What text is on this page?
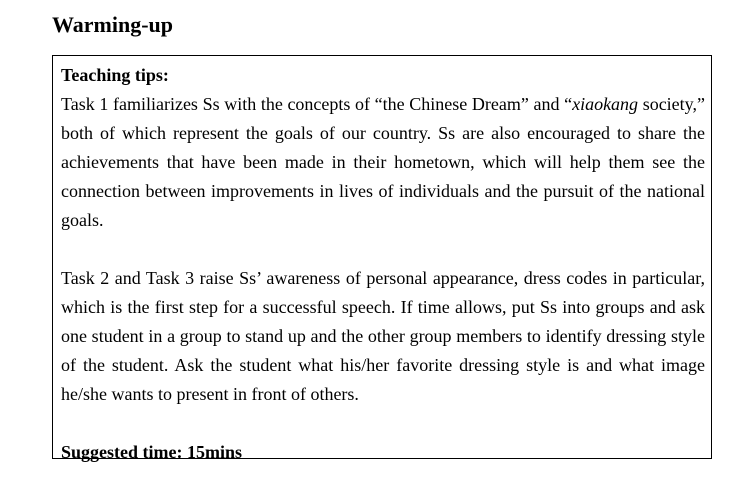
Warming-up

Teaching tips:

Task 1 familiarizes Ss with the concepts of “the Chinese Dream” and “xiaokang society,” both of which represent the goals of our country. Ss are also encouraged to share the achievements that have been made in their hometown, which will help them see the connection between improvements in lives of individuals and the pursuit of the national goals.

Task 2 and Task 3 raise Ss’ awareness of personal appearance, dress codes in particular, which is the first step for a successful speech. If time allows, put Ss into groups and ask one student in a group to stand up and the other group members to identify dressing style of the student. Ask the student what his/her favorite dressing style is and what image he/she wants to present in front of others.

Suggested time: 15mins
